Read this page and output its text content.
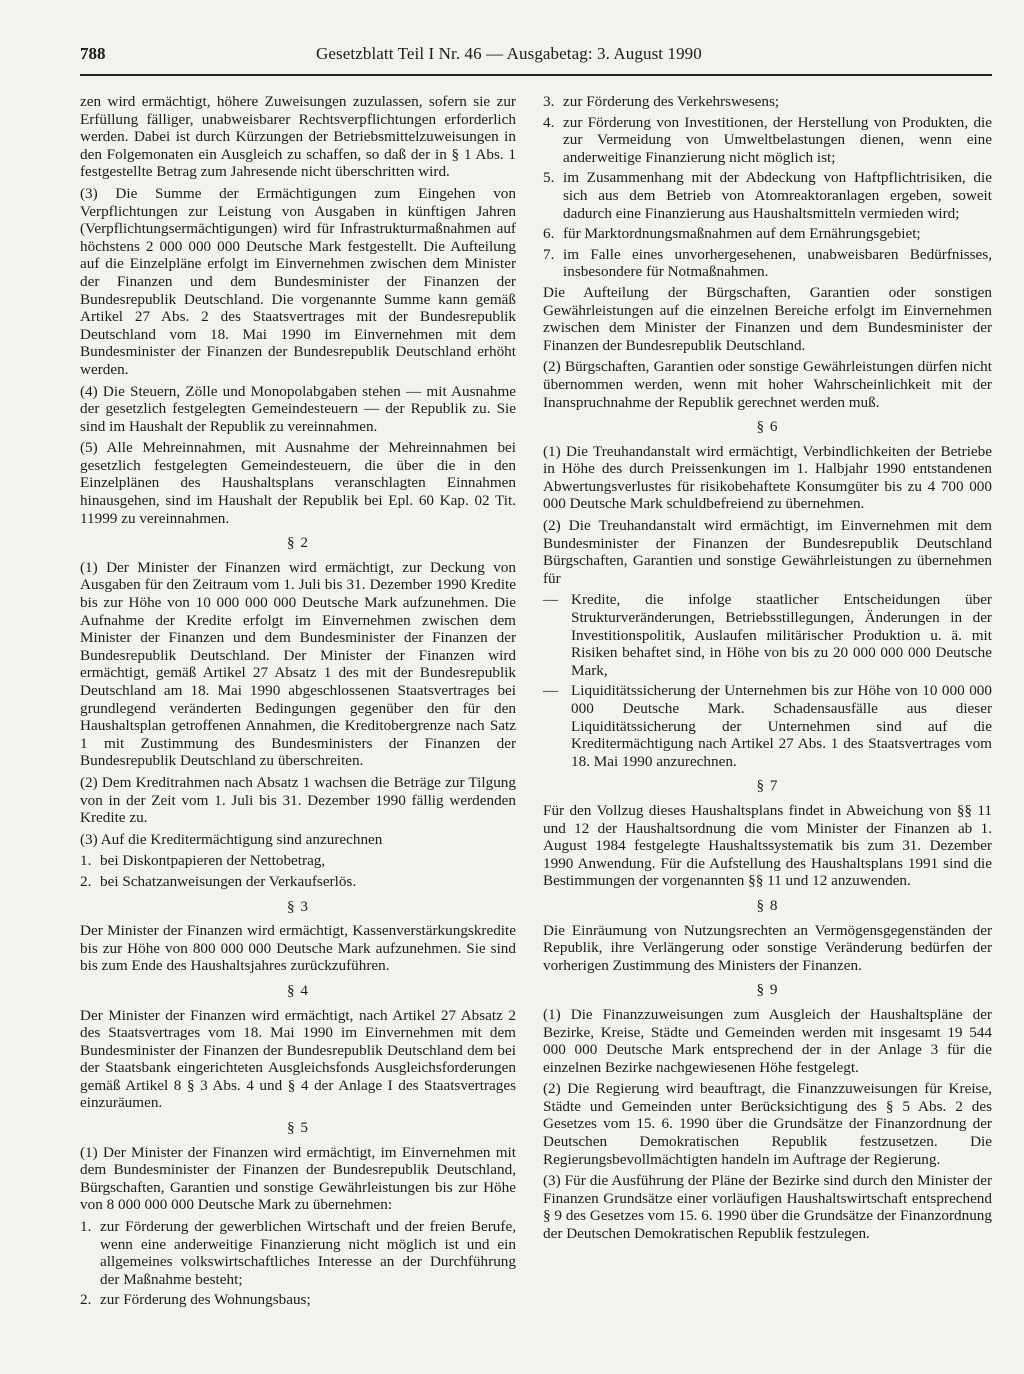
788	Gesetzblatt Teil I Nr. 46 — Ausgabetag: 3. August 1990
zen wird ermächtigt, höhere Zuweisungen zuzulassen, sofern sie zur Erfüllung fälliger, unabweisbarer Rechtsverpflichtungen erforderlich werden. Dabei ist durch Kürzungen der Betriebsmittelzuweisungen in den Folgemonaten ein Ausgleich zu schaffen, so daß der in § 1 Abs. 1 festgestellte Betrag zum Jahresende nicht überschritten wird.
(3) Die Summe der Ermächtigungen zum Eingehen von Verpflichtungen zur Leistung von Ausgaben in künftigen Jahren (Verpflichtungsermächtigungen) wird für Infrastrukturmaßnahmen auf höchstens 2 000 000 000 Deutsche Mark festgestellt. Die Aufteilung auf die Einzelpläne erfolgt im Einvernehmen zwischen dem Minister der Finanzen und dem Bundesminister der Finanzen der Bundesrepublik Deutschland. Die vorgenannte Summe kann gemäß Artikel 27 Abs. 2 des Staatsvertrages mit der Bundesrepublik Deutschland vom 18. Mai 1990 im Einvernehmen mit dem Bundesminister der Finanzen der Bundesrepublik Deutschland erhöht werden.
(4) Die Steuern, Zölle und Monopolabgaben stehen — mit Ausnahme der gesetzlich festgelegten Gemeindesteuern — der Republik zu. Sie sind im Haushalt der Republik zu vereinnahmen.
(5) Alle Mehreinnahmen, mit Ausnahme der Mehreinnahmen bei gesetzlich festgelegten Gemeindesteuern, die über die in den Einzelplänen des Haushaltsplans veranschlagten Einnahmen hinausgehen, sind im Haushalt der Republik bei Epl. 60 Kap. 02 Tit. 11999 zu vereinnahmen.
§ 2
(1) Der Minister der Finanzen wird ermächtigt, zur Deckung von Ausgaben für den Zeitraum vom 1. Juli bis 31. Dezember 1990 Kredite bis zur Höhe von 10 000 000 000 Deutsche Mark aufzunehmen. Die Aufnahme der Kredite erfolgt im Einvernehmen zwischen dem Minister der Finanzen und dem Bundesminister der Finanzen der Bundesrepublik Deutschland. Der Minister der Finanzen wird ermächtigt, gemäß Artikel 27 Absatz 1 des mit der Bundesrepublik Deutschland am 18. Mai 1990 abgeschlossenen Staatsvertrages bei grundlegend veränderten Bedingungen gegenüber den für den Haushaltsplan getroffenen Annahmen, die Kreditobergrenze nach Satz 1 mit Zustimmung des Bundesministers der Finanzen der Bundesrepublik Deutschland zu überschreiten.
(2) Dem Kreditrahmen nach Absatz 1 wachsen die Beträge zur Tilgung von in der Zeit vom 1. Juli bis 31. Dezember 1990 fällig werdenden Kredite zu.
(3) Auf die Kreditermächtigung sind anzurechnen
1. bei Diskontpapieren der Nettobetrag,
2. bei Schatzanweisungen der Verkaufserlös.
§ 3
Der Minister der Finanzen wird ermächtigt, Kassenverstärkungskredite bis zur Höhe von 800 000 000 Deutsche Mark aufzunehmen. Sie sind bis zum Ende des Haushaltsjahres zurückzuführen.
§ 4
Der Minister der Finanzen wird ermächtigt, nach Artikel 27 Absatz 2 des Staatsvertrages vom 18. Mai 1990 im Einvernehmen mit dem Bundesminister der Finanzen der Bundesrepublik Deutschland dem bei der Staatsbank eingerichteten Ausgleichsfonds Ausgleichsforderungen gemäß Artikel 8 § 3 Abs. 4 und § 4 der Anlage I des Staatsvertrages einzuräumen.
§ 5
(1) Der Minister der Finanzen wird ermächtigt, im Einvernehmen mit dem Bundesminister der Finanzen der Bundesrepublik Deutschland, Bürgschaften, Garantien und sonstige Gewährleistungen bis zur Höhe von 8 000 000 000 Deutsche Mark zu übernehmen:
1. zur Förderung der gewerblichen Wirtschaft und der freien Berufe, wenn eine anderweitige Finanzierung nicht möglich ist und ein allgemeines volkswirtschaftliches Interesse an der Durchführung der Maßnahme besteht;
2. zur Förderung des Wohnungsbaus;
3. zur Förderung des Verkehrswesens;
4. zur Förderung von Investitionen, der Herstellung von Produkten, die zur Vermeidung von Umweltbelastungen dienen, wenn eine anderweitige Finanzierung nicht möglich ist;
5. im Zusammenhang mit der Abdeckung von Haftpflichtrisiken, die sich aus dem Betrieb von Atomreaktoranlagen ergeben, soweit dadurch eine Finanzierung aus Haushaltsmitteln vermieden wird;
6. für Marktordnungsmaßnahmen auf dem Ernährungsgebiet;
7. im Falle eines unvorhergesehenen, unabweisbaren Bedürfnisses, insbesondere für Notmaßnahmen.
Die Aufteilung der Bürgschaften, Garantien oder sonstigen Gewährleistungen auf die einzelnen Bereiche erfolgt im Einvernehmen zwischen dem Minister der Finanzen und dem Bundesminister der Finanzen der Bundesrepublik Deutschland.
(2) Bürgschaften, Garantien oder sonstige Gewährleistungen dürfen nicht übernommen werden, wenn mit hoher Wahrscheinlichkeit mit der Inanspruchnahme der Republik gerechnet werden muß.
§ 6
(1) Die Treuhandanstalt wird ermächtigt, Verbindlichkeiten der Betriebe in Höhe des durch Preissenkungen im 1. Halbjahr 1990 entstandenen Abwertungsverlustes für risikobehaftete Konsumgüter bis zu 4 700 000 000 Deutsche Mark schuldbefreiend zu übernehmen.
(2) Die Treuhandanstalt wird ermächtigt, im Einvernehmen mit dem Bundesminister der Finanzen der Bundesrepublik Deutschland Bürgschaften, Garantien und sonstige Gewährleistungen zu übernehmen für
— Kredite, die infolge staatlicher Entscheidungen über Strukturveränderungen, Betriebsstillegungen, Änderungen in der Investitionspolitik, Auslaufen militärischer Produktion u. ä. mit Risiken behaftet sind, in Höhe von bis zu 20 000 000 000 Deutsche Mark,
— Liquiditätssicherung der Unternehmen bis zur Höhe von 10 000 000 000 Deutsche Mark. Schadensausfälle aus dieser Liquiditätssicherung der Unternehmen sind auf die Kreditermächtigung nach Artikel 27 Abs. 1 des Staatsvertrages vom 18. Mai 1990 anzurechnen.
§ 7
Für den Vollzug dieses Haushaltsplans findet in Abweichung von §§ 11 und 12 der Haushaltsordnung die vom Minister der Finanzen ab 1. August 1984 festgelegte Haushaltssystematik bis zum 31. Dezember 1990 Anwendung. Für die Aufstellung des Haushaltsplans 1991 sind die Bestimmungen der vorgenannten §§ 11 und 12 anzuwenden.
§ 8
Die Einräumung von Nutzungsrechten an Vermögensgegenständen der Republik, ihre Verlängerung oder sonstige Veränderung bedürfen der vorherigen Zustimmung des Ministers der Finanzen.
§ 9
(1) Die Finanzzuweisungen zum Ausgleich der Haushaltspläne der Bezirke, Kreise, Städte und Gemeinden werden mit insgesamt 19 544 000 000 Deutsche Mark entsprechend der in der Anlage 3 für die einzelnen Bezirke nachgewiesenen Höhe festgelegt.
(2) Die Regierung wird beauftragt, die Finanzzuweisungen für Kreise, Städte und Gemeinden unter Berücksichtigung des § 5 Abs. 2 des Gesetzes vom 15. 6. 1990 über die Grundsätze der Finanzordnung der Deutschen Demokratischen Republik festzusetzen. Die Regierungsbevollmächtigten handeln im Auftrage der Regierung.
(3) Für die Ausführung der Pläne der Bezirke sind durch den Minister der Finanzen Grundsätze einer vorläufigen Haushaltswirtschaft entsprechend § 9 des Gesetzes vom 15. 6. 1990 über die Grundsätze der Finanzordnung der Deutschen Demokratischen Republik festzulegen.
